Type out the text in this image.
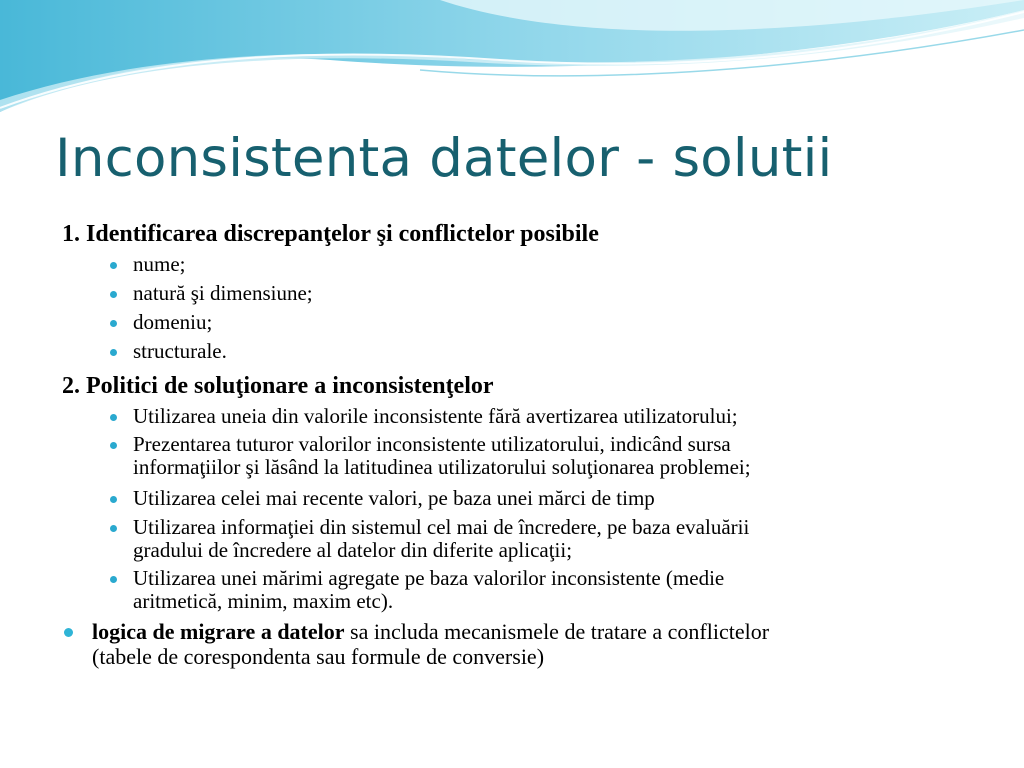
Inconsistenta datelor - solutii
1. Identificarea discrepanţelor şi conflictelor posibile
nume;
natură şi dimensiune;
domeniu;
structurale.
2. Politici de soluţionare a inconsistenţelor
Utilizarea uneia din valorile inconsistente fără avertizarea utilizatorului;
Prezentarea tuturor valorilor inconsistente utilizatorului, indicând sursa
informaţiilor şi lăsând la latitudinea utilizatorului soluţionarea problemei;
Utilizarea celei mai recente valori, pe baza unei mărci de timp
Utilizarea informaţiei din sistemul cel mai de încredere, pe baza evaluării
gradului de încredere al datelor din diferite aplicaţii;
Utilizarea unei mărimi agregate pe baza valorilor inconsistente (medie
aritmetică, minim, maxim etc).
logica de migrare a datelor sa includa mecanismele de tratare a conflictelor
(tabele de corespondenta sau formule de conversie)
